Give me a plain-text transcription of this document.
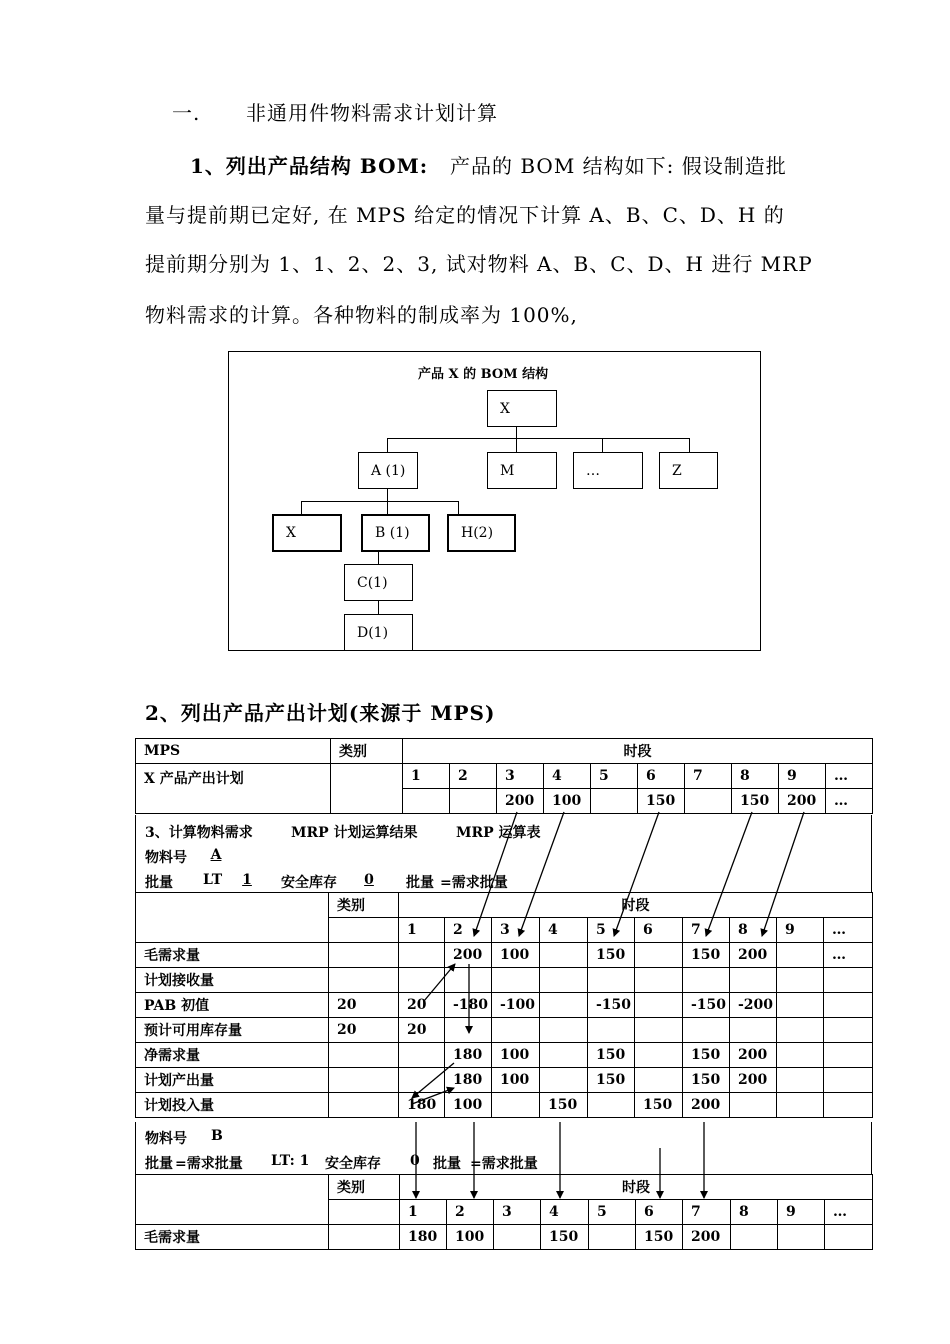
一. 非通用件物料需求计划计算
1、列出产品结构 BOM: 产品的 BOM 结构如下: 假设制造批
量与提前期已定好, 在 MPS 给定的情况下计算 A、B、C、D、H 的
提前期分别为 1、1、2、2、3, 试对物料 A、B、C、D、H 进行 MRP
物料需求的计算。各种物料的制成率为 100%,
产品 X 的 BOM 结构
X
A (1)	M	…	Z
X	B (1)	H(2)
C(1)
D(1)
2、列出产品产出计划(来源于 MPS)
MPS	类别	时段									
X 产品产出计划		1	2	3	4	5	6	7	8	9	…
				200	100		150		150	200	…
3、计算物料需求	MRP 计划运算结果	MRP 运算表
物料号	A
批量 LT	1	安全库存	0	批量 =需求批量
	类别	时段									
		1	2	3	4	5	6	7	8	9	…
毛需求量			200	100		150		150	200		…
计划接收量											
PAB 初值	20	20	-180	-100		-150		-150	-200		
预计可用库存量	20	20									
净需求量			180	100		150		150	200		
计划产出量			180	100		150		150	200		
计划投入量		180	100		150		150	200			
物料号 B
批量 =需求批量 LT: 1 安全库存 0 批量 =需求批量
	类别	时段									
		1	2	3	4	5	6	7	8	9	…
毛需求量		180	100		150		150	200			
